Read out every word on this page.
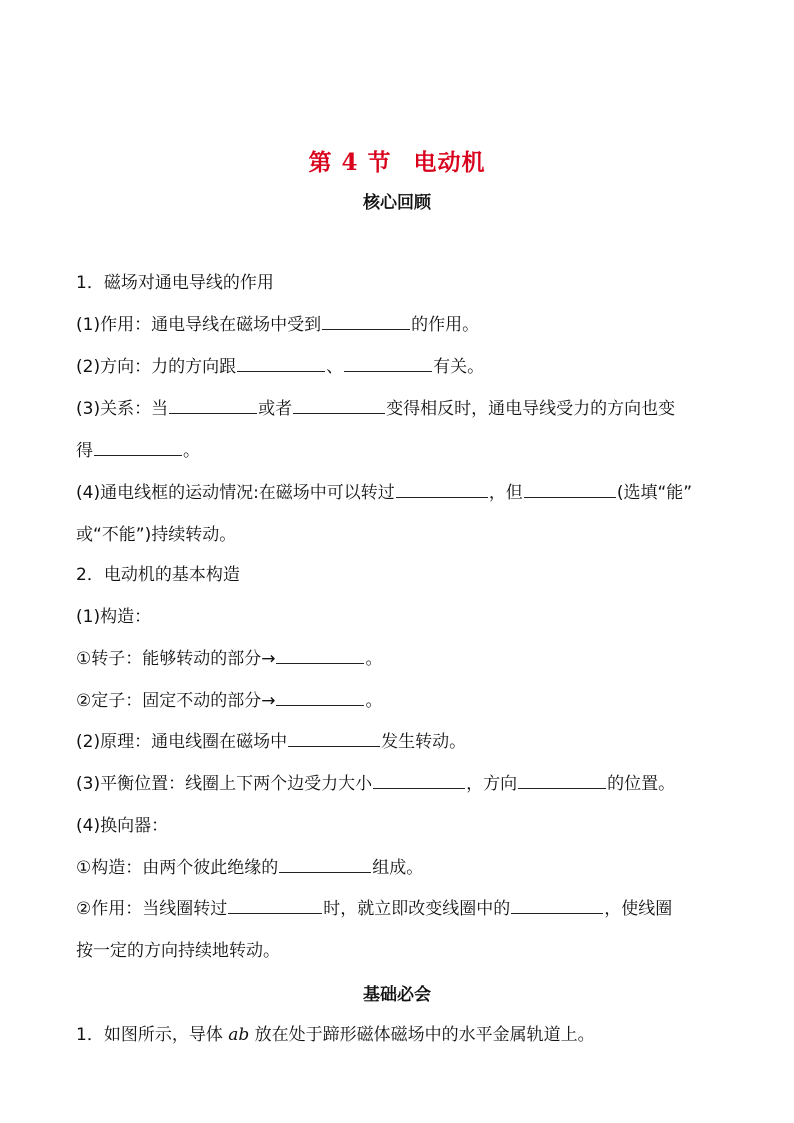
第 4 节 电动机
核心回顾
1．磁场对通电导线的作用
(1)作用：通电导线在磁场中受到	的作用。
(2)方向：力的方向跟	、	有关。
(3)关系：当	或者	变得相反时，通电导线受力的方向也变
得	。
(4)通电线框的运动情况:在磁场中可以转过	，但	(选填“能”
或“不能”)持续转动。
2．电动机的基本构造
(1)构造：
①转子：能够转动的部分→	。
②定子：固定不动的部分→	。
(2)原理：通电线圈在磁场中	发生转动。
(3)平衡位置：线圈上下两个边受力大小	，方向	的位置。
(4)换向器：
①构造：由两个彼此绝缘的	组成。
②作用：当线圈转过	时，就立即改变线圈中的	，使线圈
按一定的方向持续地转动。
基础必会
1．如图所示，导体 ab 放在处于蹄形磁体磁场中的水平金属轨道上。
